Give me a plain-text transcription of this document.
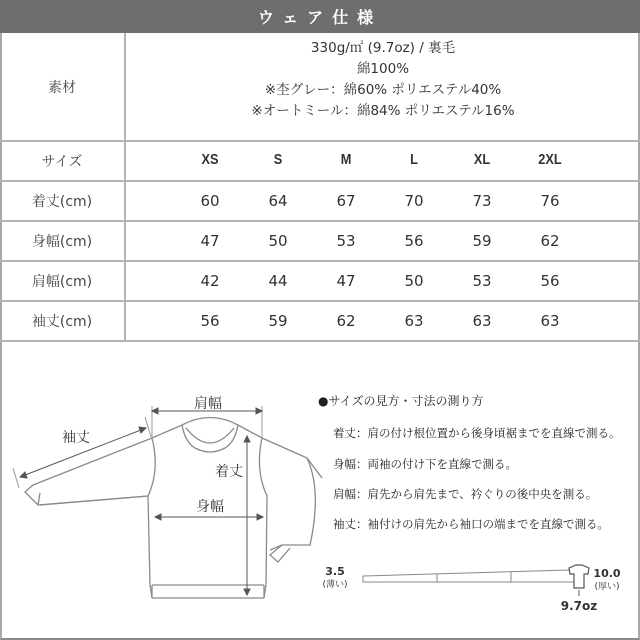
ウェア仕様
素材
330g/㎡ (9.7oz) / 裏毛
綿100%
※杢グレー：綿60% ポリエステル40%
※オートミール：綿84% ポリエステル16%
サイズ	XS	S	M	L	XL	2XL
着丈(cm)	60	64	67	70	73	76
身幅(cm)	47	50	53	56	59	62
肩幅(cm)	42	44	47	50	53	56
袖丈(cm)	56	59	62	63	63	63
肩幅
袖丈
着丈
身幅
●サイズの見方・寸法の測り方
着丈：肩の付け根位置から後身頃裾までを直線で測る。
身幅：両袖の付け下を直線で測る。
肩幅：肩先から肩先まで、衿ぐりの後中央を測る。
袖丈：袖付けの肩先から袖口の端までを直線で測る。
3.5
(薄い)
10.0
(厚い)
9.7oz
